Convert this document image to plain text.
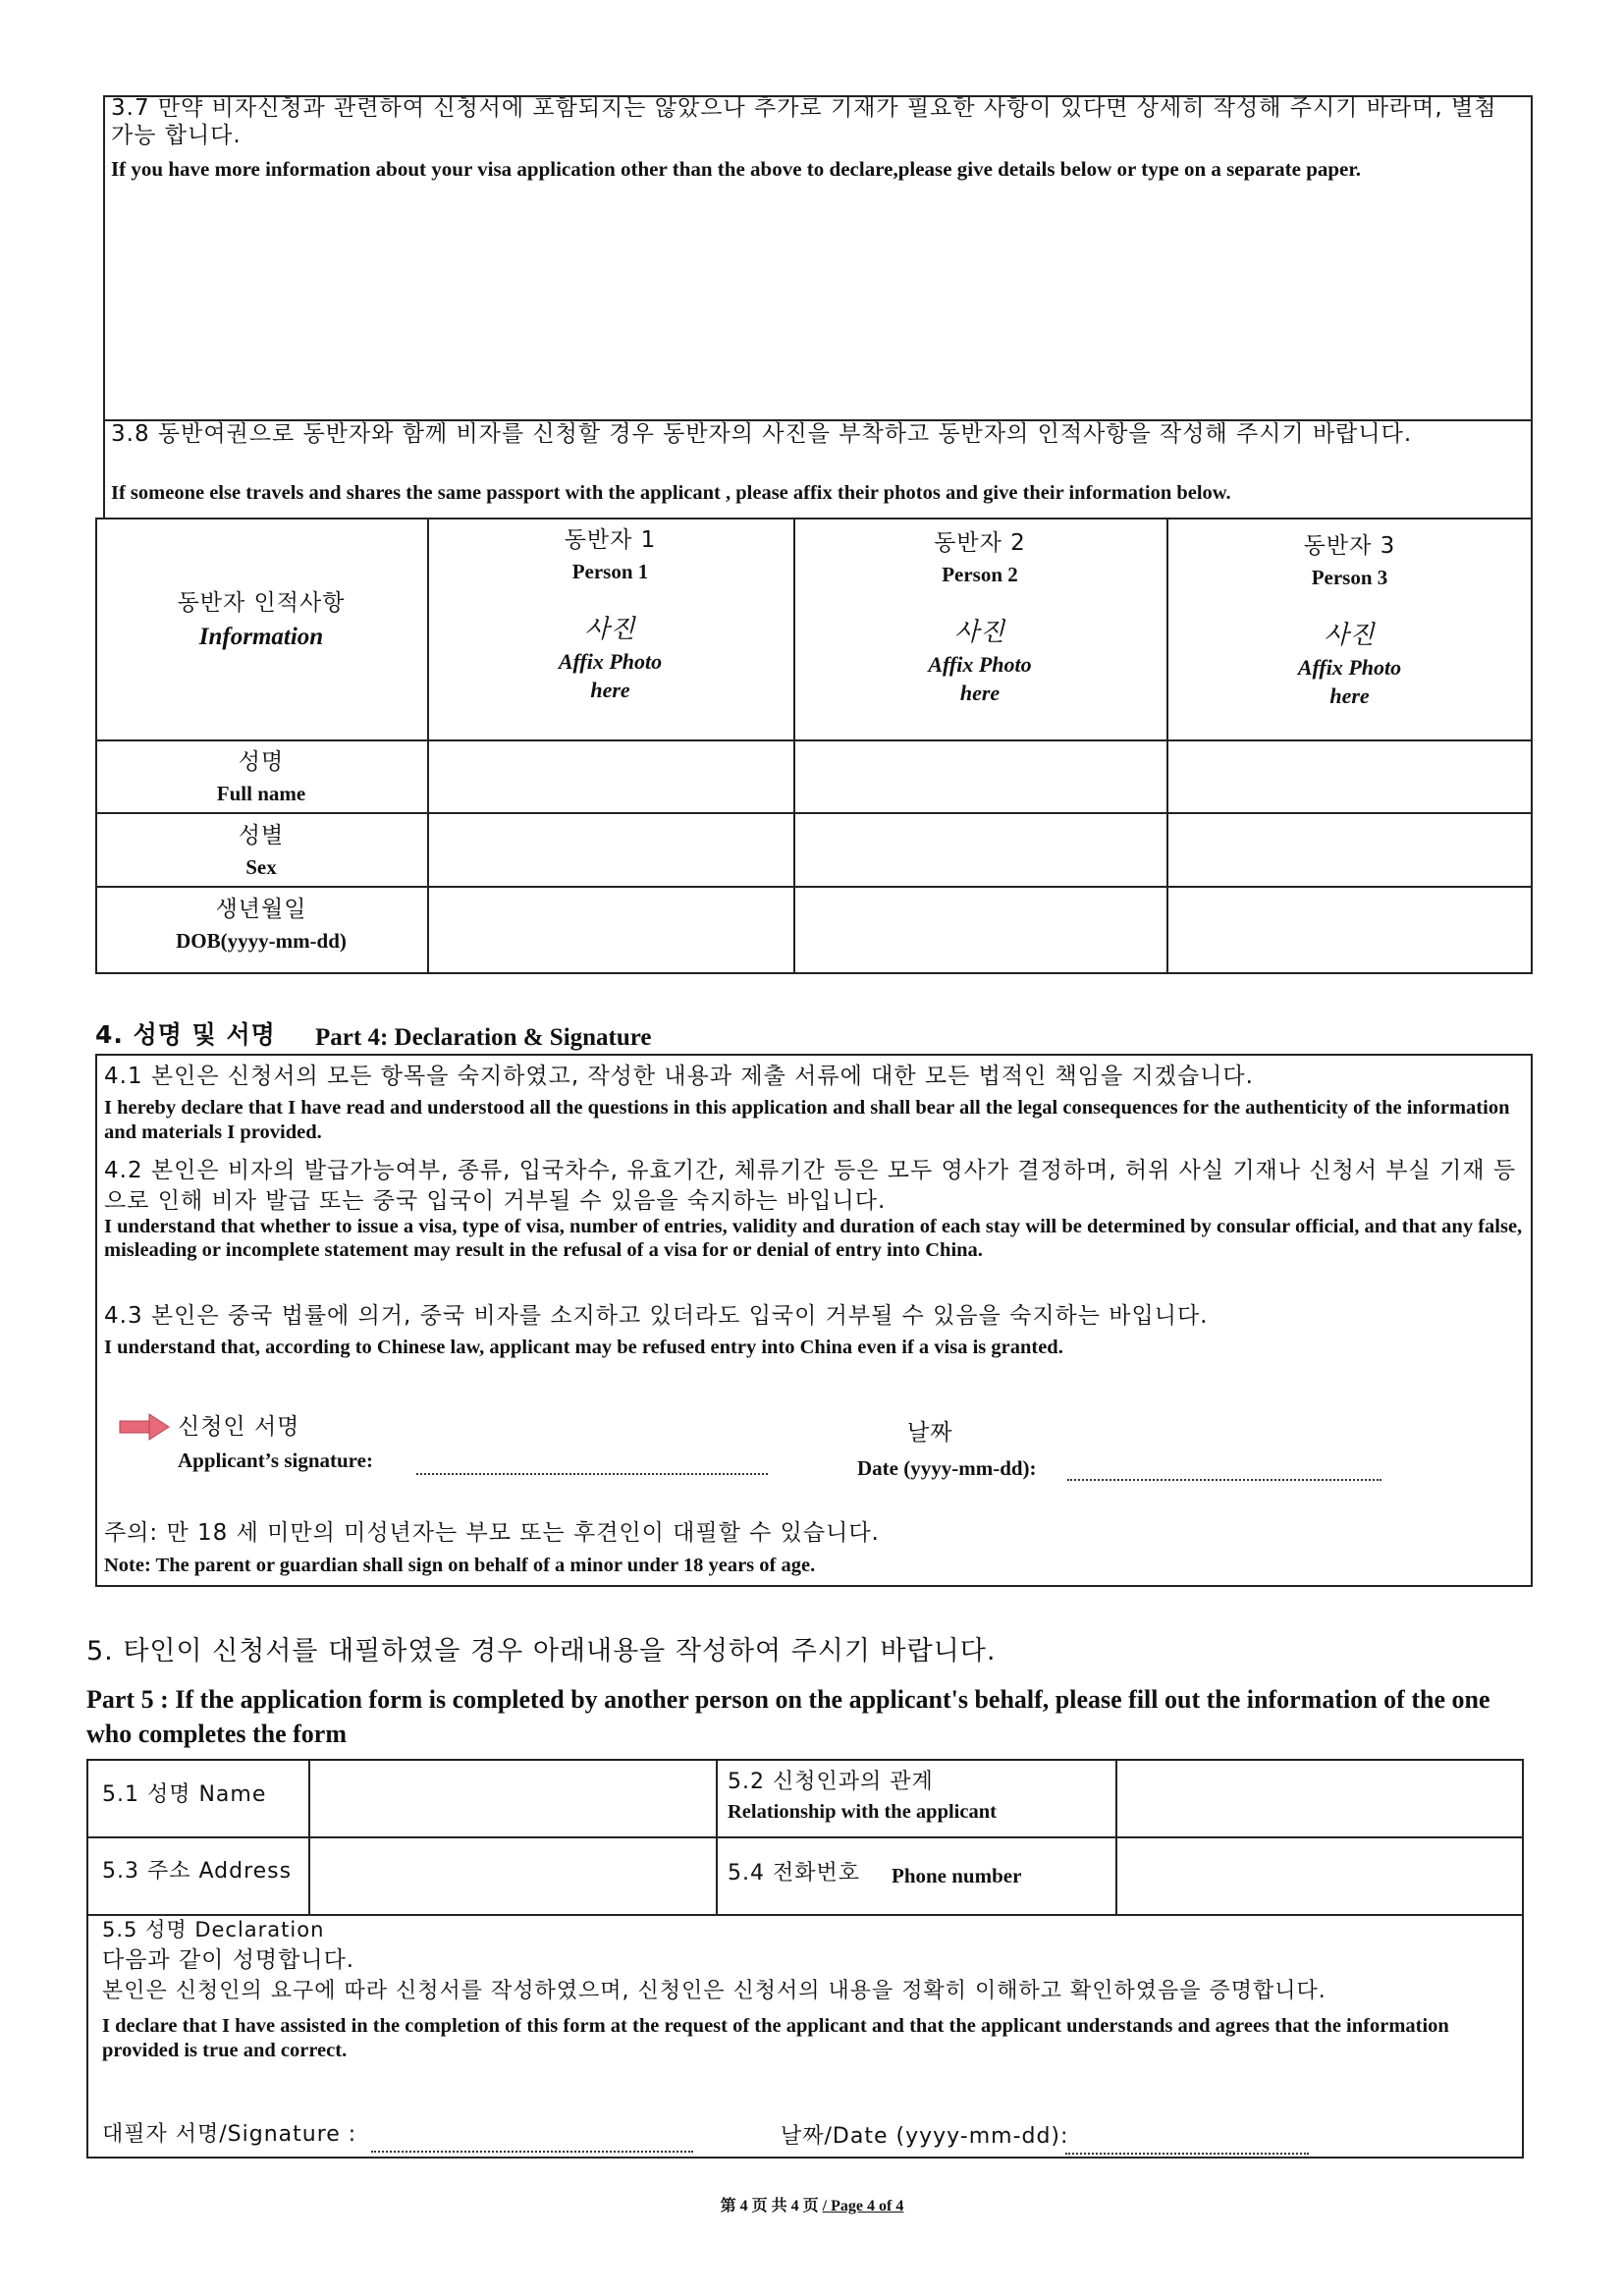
3.7 만약 비자신청과 관련하여 신청서에 포함되지는 않았으나 추가로 기재가 필요한 사항이 있다면 상세히 작성해 주시기 바라며, 별첨 가능 합니다.
If you have more information about your visa application other than the above to declare,please give details below or type on a separate paper.
3.8 동반여권으로 동반자와 함께 비자를 신청할 경우 동반자의 사진을 부착하고 동반자의 인적사항을 작성해 주시기 바랍니다.
If someone else travels and shares the same passport with the applicant , please affix their photos and give their information below.
동반자 인적사항
Information
동반자 1
Person 1
사진
Affix Photo
here
동반자 2
Person 2
사진
Affix Photo
here
동반자 3
Person 3
사진
Affix Photo
here
성명
Full name
성별
Sex
생년월일
DOB(yyyy-mm-dd)
4. 성명 및 서명 Part 4: Declaration & Signature
4.1 본인은 신청서의 모든 항목을 숙지하였고, 작성한 내용과 제출 서류에 대한 모든 법적인 책임을 지겠습니다.
I hereby declare that I have read and understood all the questions in this application and shall bear all the legal consequences for the authenticity of the information and materials I provided.
4.2 본인은 비자의 발급가능여부, 종류, 입국차수, 유효기간, 체류기간 등은 모두 영사가 결정하며, 허위 사실 기재나 신청서 부실 기재 등으로 인해 비자 발급 또는 중국 입국이 거부될 수 있음을 숙지하는 바입니다.
I understand that whether to issue a visa, type of visa, number of entries, validity and duration of each stay will be determined by consular official, and that any false, misleading or incomplete statement may result in the refusal of a visa for or denial of entry into China.
4.3 본인은 중국 법률에 의거, 중국 비자를 소지하고 있더라도 입국이 거부될 수 있음을 숙지하는 바입니다.
I understand that, according to Chinese law, applicant may be refused entry into China even if a visa is granted.
신청인 서명
Applicant’s signature:
날짜
Date (yyyy-mm-dd):
주의: 만 18 세 미만의 미성년자는 부모 또는 후견인이 대필할 수 있습니다.
Note: The parent or guardian shall sign on behalf of a minor under 18 years of age.
5. 타인이 신청서를 대필하였을 경우 아래내용을 작성하여 주시기 바랍니다.
Part 5 : If the application form is completed by another person on the applicant's behalf, please fill out the information of the one who completes the form
5.1 성명 Name
5.2 신청인과의 관계
Relationship with the applicant
5.3 주소 Address	5.4 전화번호 Phone number
5.5 성명 Declaration
다음과 같이 성명합니다.
본인은 신청인의 요구에 따라 신청서를 작성하였으며, 신청인은 신청서의 내용을 정확히 이해하고 확인하였음을 증명합니다.
I declare that I have assisted in the completion of this form at the request of the applicant and that the applicant understands and agrees that the information provided is true and correct.
대필자 서명/Signature :	날짜/Date (yyyy-mm-dd):
第 4 页 共 4 页 / Page 4 of 4
